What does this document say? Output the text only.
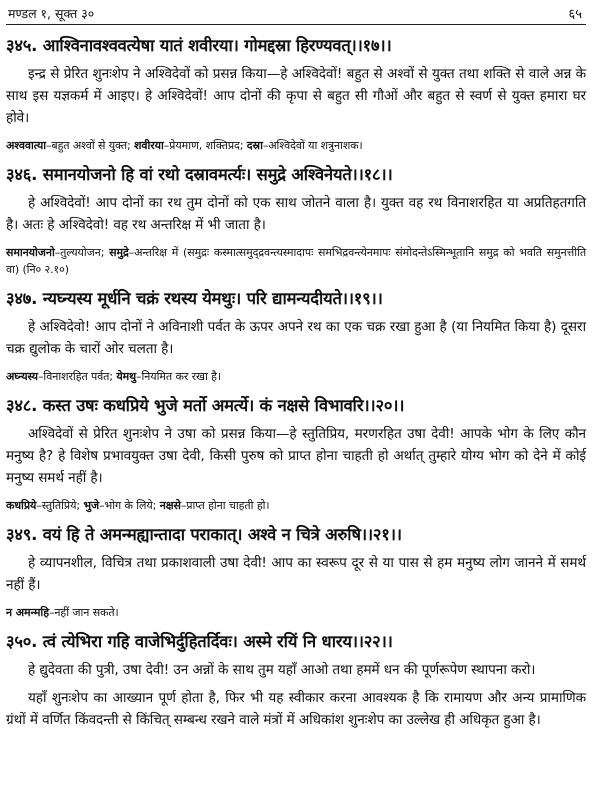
मण्डल १, सूक्त ३०	६५
३४५. आश्विनावश्ववत्येषा यातं शवीरया। गोमद्दस्रा हिरण्यवत्।।१७।।
इन्द्र से प्रेरित शुनःशेप ने अश्विदेवों को प्रसन्न किया—हे अश्विदेवों! बहुत से अश्वों से युक्त तथा शक्ति से वाले अन्न के साथ इस यज्ञकर्म में आइए। हे अश्विदेवों! आप दोनों की कृपा से बहुत सी गौओं और बहुत से स्वर्ण से युक्त हमारा घर होवे।
अश्ववात्या–बहुत अश्वों से युक्त; शवीरया–प्रेयमाण, शक्तिप्रद; दस्रा–अश्विदेवों या शत्रुनाशक।
३४६. समानयोजनो हि वां रथो दस्रावमर्त्यः। समुद्रे अश्विनेयते।।१८।।
हे अश्विदेवों! आप दोनों का रथ तुम दोनों को एक साथ जोतने वाला है। युक्त वह रथ विनाशरहित या अप्रतिहतगति है। अतः हे अश्विदेवो! वह रथ अन्तरिक्ष में भी जाता है।
समानयोजनो–तुल्ययोजन; समुद्रे–अन्तरिक्ष में (समुद्रः कस्मात्समुद्द्रवन्त्यस्मादापः समभिद्रवन्त्येनमापः संमोदन्तेऽस्मिन्भूतानि समुद्र को भवति समुनत्तीति वा) (नि० २.१०)
३४७. न्यघ्न्यस्य मूर्धनि चक्रं रथस्य येमथुः। परि द्यामन्यदीयते।।१९।।
हे अश्विदेवो! आप दोनों ने अविनाशी पर्वत के ऊपर अपने रथ का एक चक्र रखा हुआ है (या नियमित किया है) दूसरा चक्र द्युलोक के चारों ओर चलता है।
अघ्न्यस्य–विनाशरहित पर्वत; येमथु–नियमित कर रखा है।
३४८. कस्त उषः कधप्रिये भुजे मर्तो अमर्त्ये। कं नक्षसे विभावरि।।२०।।
अश्विदेवों से प्रेरित शुनःशेप ने उषा को प्रसन्न किया—हे स्तुतिप्रिय, मरणरहित उषा देवी! आपके भोग के लिए कौन मनुष्य है? हे विशेष प्रभावयुक्त उषा देवी, किसी पुरुष को प्राप्त होना चाहती हो अर्थात् तुम्हारे योग्य भोग को देने में कोई मनुष्य समर्थ नहीं है।
कधप्रिये–स्तुतिप्रिये; भुजे–भोग के लिये; नक्षसे–प्राप्त होना चाहती हो।
३४९. वयं हि ते अमन्मह्यान्तादा पराकात्। अश्वे न चित्रे अरुषि।।२१।।
हे व्यापनशील, विचित्र तथा प्रकाशवाली उषा देवी! आप का स्वरूप दूर से या पास से हम मनुष्य लोग जानने में समर्थ नहीं हैं।
न अमन्महि–नहीं जान सकते।
३५०. त्वं त्येभिरा गहि वाजेभिर्दुहितर्दिवः। अस्मे रयिं नि धारय।।२२।।
हे द्युदेवता की पुत्री, उषा देवी! उन अन्नों के साथ तुम यहाँ आओ तथा हममें धन की पूर्णरूपेण स्थापना करो।
यहाँ शुनःशेप का आख्यान पूर्ण होता है, फिर भी यह स्वीकार करना आवश्यक है कि रामायण और अन्य प्रामाणिक ग्रंथों में वर्णित किंवदन्ती से किंचित् सम्बन्ध रखने वाले मंत्रों में अधिकांश शुनःशेप का उल्लेख ही अधिकृत हुआ है।
